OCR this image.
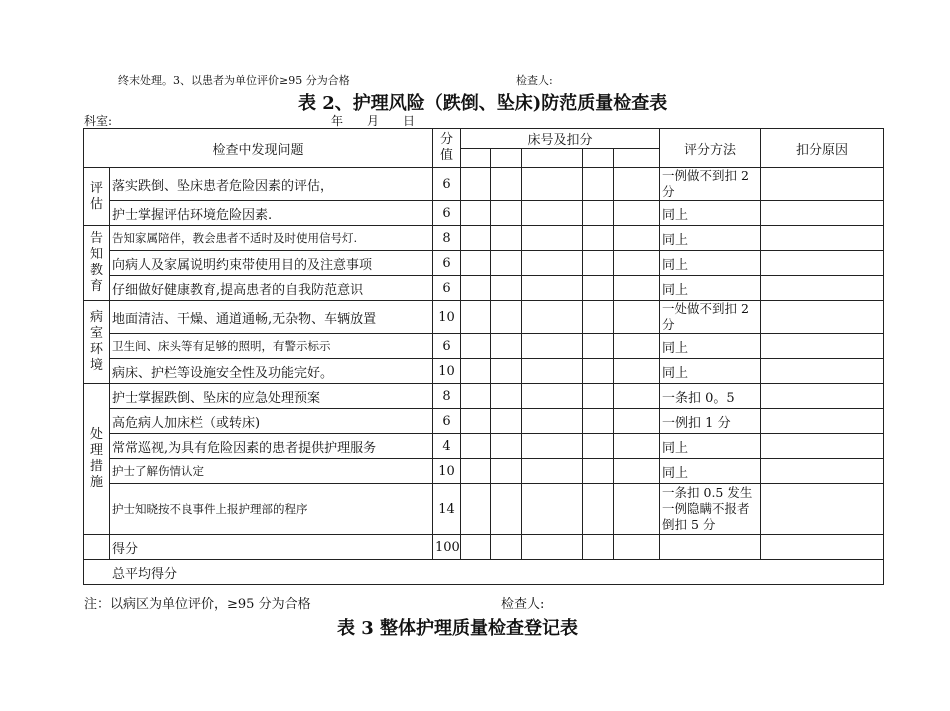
终末处理。3、以患者为单位评价≥95 分为合格	检查人:
表 2、护理风险（跌倒、坠床)防范质量检查表
科室:	年　　月　　日
检查中发现问题		分值	床号及扣分					评分方法	扣分原因

评估	落实跌倒、坠床患者危险因素的评估，	6						一例做不到扣 2 分	
	护士掌握评估环境危险因素.	6						同上	
告知教育	告知家属陪伴，教会患者不适时及时使用信号灯.	8						同上	
	向病人及家属说明约束带使用目的及注意事项	6						同上	
	仔细做好健康教育,提高患者的自我防范意识	6						同上	
病室环境	地面清洁、干燥、通道通畅,无杂物、车辆放置	10						一处做不到扣 2 分	
	卫生间、床头等有足够的照明，有警示标示	6						同上	
	病床、护栏等设施安全性及功能完好。	10						同上	
处理措施	护士掌握跌倒、坠床的应急处理预案	8						一条扣 0。5	
	高危病人加床栏（或转床)	6						一例扣 1 分	
	常常巡视,为具有危险因素的患者提供护理服务	4						同上	
	护士了解伤情认定	10						同上	
	护士知晓按不良事件上报护理部的程序	14						一条扣 0.5 发生一例隐瞒不报者倒扣 5 分	
	得分	100							
总平均得分									
注：以病区为单位评价，≥95 分为合格	检查人:
表 3 整体护理质量检查登记表
